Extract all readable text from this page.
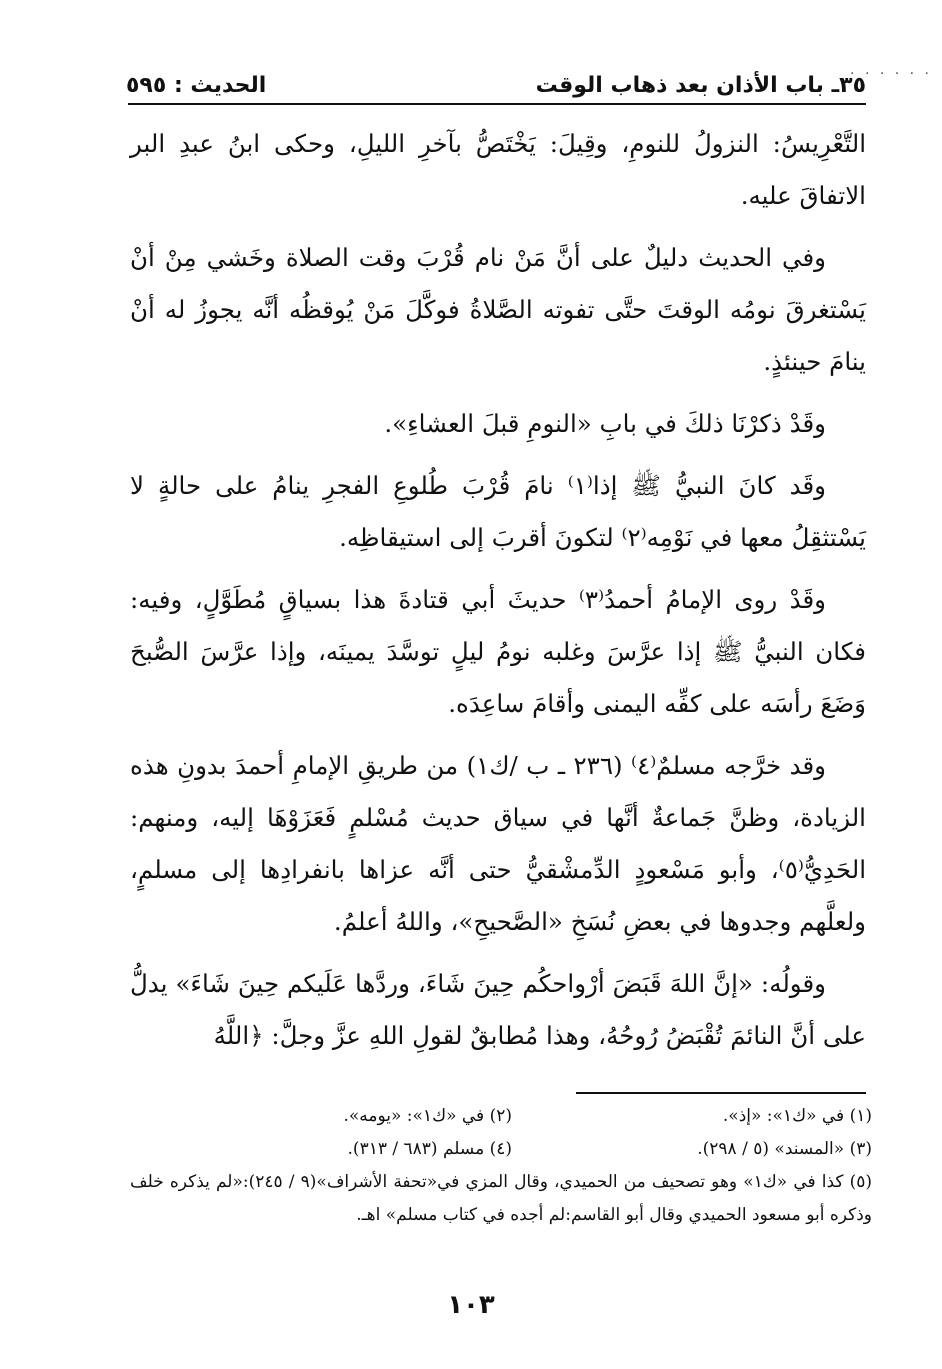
. . . . . .
٣٥ـ باب الأذان بعد ذهاب الوقت
الحديث : ٥٩٥

التَّعْرِيسُ: النزولُ للنومِ، وقِيلَ: يَخْتَصُّ بآخرِ الليلِ، وحكى ابنُ عبدِ البر الاتفاقَ عليه.

وفي الحديث دليلٌ على أنَّ مَنْ نام قُرْبَ وقت الصلاة وخَشي مِنْ أنْ يَسْتغرقَ نومُه الوقتَ حتَّى تفوته الصَّلاةُ فوكَّلَ مَنْ يُوقظُه أنَّه يجوزُ له أنْ ينامَ حينئذٍ.

وقَدْ ذكرْنَا ذلكَ في بابِ «النومِ قبلَ العشاءِ».

وقَد كانَ النبيُّ ﷺ إذا⁽١⁾ نامَ قُرْبَ طُلوعِ الفجرِ ينامُ على حالةٍ لا يَسْتثقِلُ معها في نَوْمِه⁽٢⁾ لتكونَ أقربَ إلى استيقاظِه.

وقَدْ روى الإمامُ أحمدُ⁽٣⁾ حديثَ أبي قتادةَ هذا بسياقٍ مُطَوَّلٍ، وفيه: فكان النبيُّ ﷺ إذا عرَّسَ وغلبه نومُ ليلٍ توسَّدَ يمينَه، وإذا عرَّسَ الصُّبحَ وَضَعَ رأسَه على كفِّه اليمنى وأقامَ ساعِدَه.

وقد خرَّجه مسلمٌ⁽٤⁾ (٢٣٦ ـ ب /ك١) من طريقِ الإمامِ أحمدَ بدونِ هذه الزيادة، وظنَّ جَماعةٌ أنَّها في سياق حديث مُسْلمٍ فَعَزَوْهَا إليه، ومنهم: الحَدِيُّ⁽٥⁾، وأبو مَسْعودٍ الدِّمشْقيُّ حتى أنَّه عزاها بانفرادِها إلى مسلمٍ، ولعلَّهم وجدوها في بعضِ نُسَخِ «الصَّحيحِ»، واللهُ أعلمُ.

وقولُه: «إنَّ اللهَ قَبَضَ أرْواحكُم حِينَ شَاءَ، وردَّها عَلَيكم حِينَ شَاءَ» يدلُّ على أنَّ النائمَ تُقْبَضُ رُوحُهُ، وهذا مُطابقٌ لقولِ اللهِ عزَّ وجلَّ: ﴿اللَّهُ

(١) في «ك١»: «إذ».
(٢) في «ك١»: «يومه».
(٣) «المسند» (٥ / ٢٩٨).
(٤) مسلم (٦٨٣ / ٣١٣).
(٥) كذا في «ك١» وهو تصحيف من الحميدي، وقال المزي في«تحفة الأشراف»(٩ / ٢٤٥):«لم يذكره خلف وذكره أبو مسعود الحميدي وقال أبو القاسم:لم أجده في كتاب مسلم» اهـ.
١٠٣
